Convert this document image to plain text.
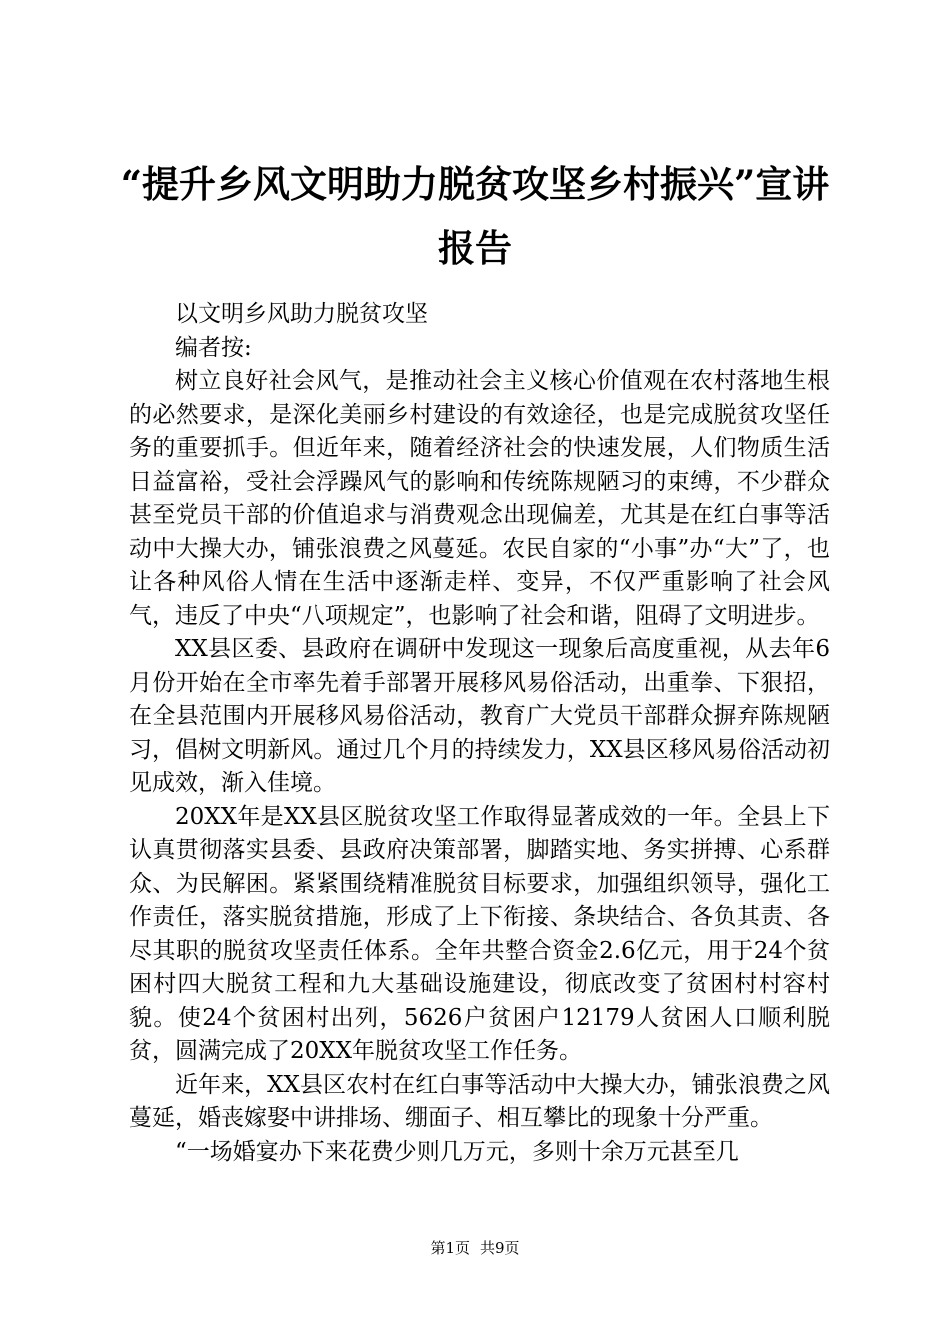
“提升乡风文明助力脱贫攻坚乡村振兴”宣讲
报告

以文明乡风助力脱贫攻坚

编者按:

树立良好社会风气，是推动社会主义核心价值观在农村落地生根的必然要求，是深化美丽乡村建设的有效途径，也是完成脱贫攻坚任务的重要抓手。但近年来，随着经济社会的快速发展，人们物质生活日益富裕，受社会浮躁风气的影响和传统陈规陋习的束缚，不少群众甚至党员干部的价值追求与消费观念出现偏差，尤其是在红白事等活动中大操大办，铺张浪费之风蔓延。农民自家的“小事”办“大”了，也让各种风俗人情在生活中逐渐走样、变异，不仅严重影响了社会风气，违反了中央“八项规定”，也影响了社会和谐，阻碍了文明进步。

XX县区委、县政府在调研中发现这一现象后高度重视，从去年6月份开始在全市率先着手部署开展移风易俗活动，出重拳、下狠招，在全县范围内开展移风易俗活动，教育广大党员干部群众摒弃陈规陋习，倡树文明新风。通过几个月的持续发力，XX县区移风易俗活动初见成效，渐入佳境。

20XX年是XX县区脱贫攻坚工作取得显著成效的一年。全县上下认真贯彻落实县委、县政府决策部署，脚踏实地、务实拼搏、心系群众、为民解困。紧紧围绕精准脱贫目标要求，加强组织领导，强化工作责任，落实脱贫措施，形成了上下衔接、条块结合、各负其责、各尽其职的脱贫攻坚责任体系。全年共整合资金2.6亿元，用于24个贫困村四大脱贫工程和九大基础设施建设，彻底改变了贫困村村容村貌。使24个贫困村出列，5626户贫困户12179人贫困人口顺利脱贫，圆满完成了20XX年脱贫攻坚工作任务。

近年来，XX县区农村在红白事等活动中大操大办，铺张浪费之风蔓延，婚丧嫁娶中讲排场、绷面子、相互攀比的现象十分严重。

“一场婚宴办下来花费少则几万元，多则十余万元甚至几

第1页 共9页
